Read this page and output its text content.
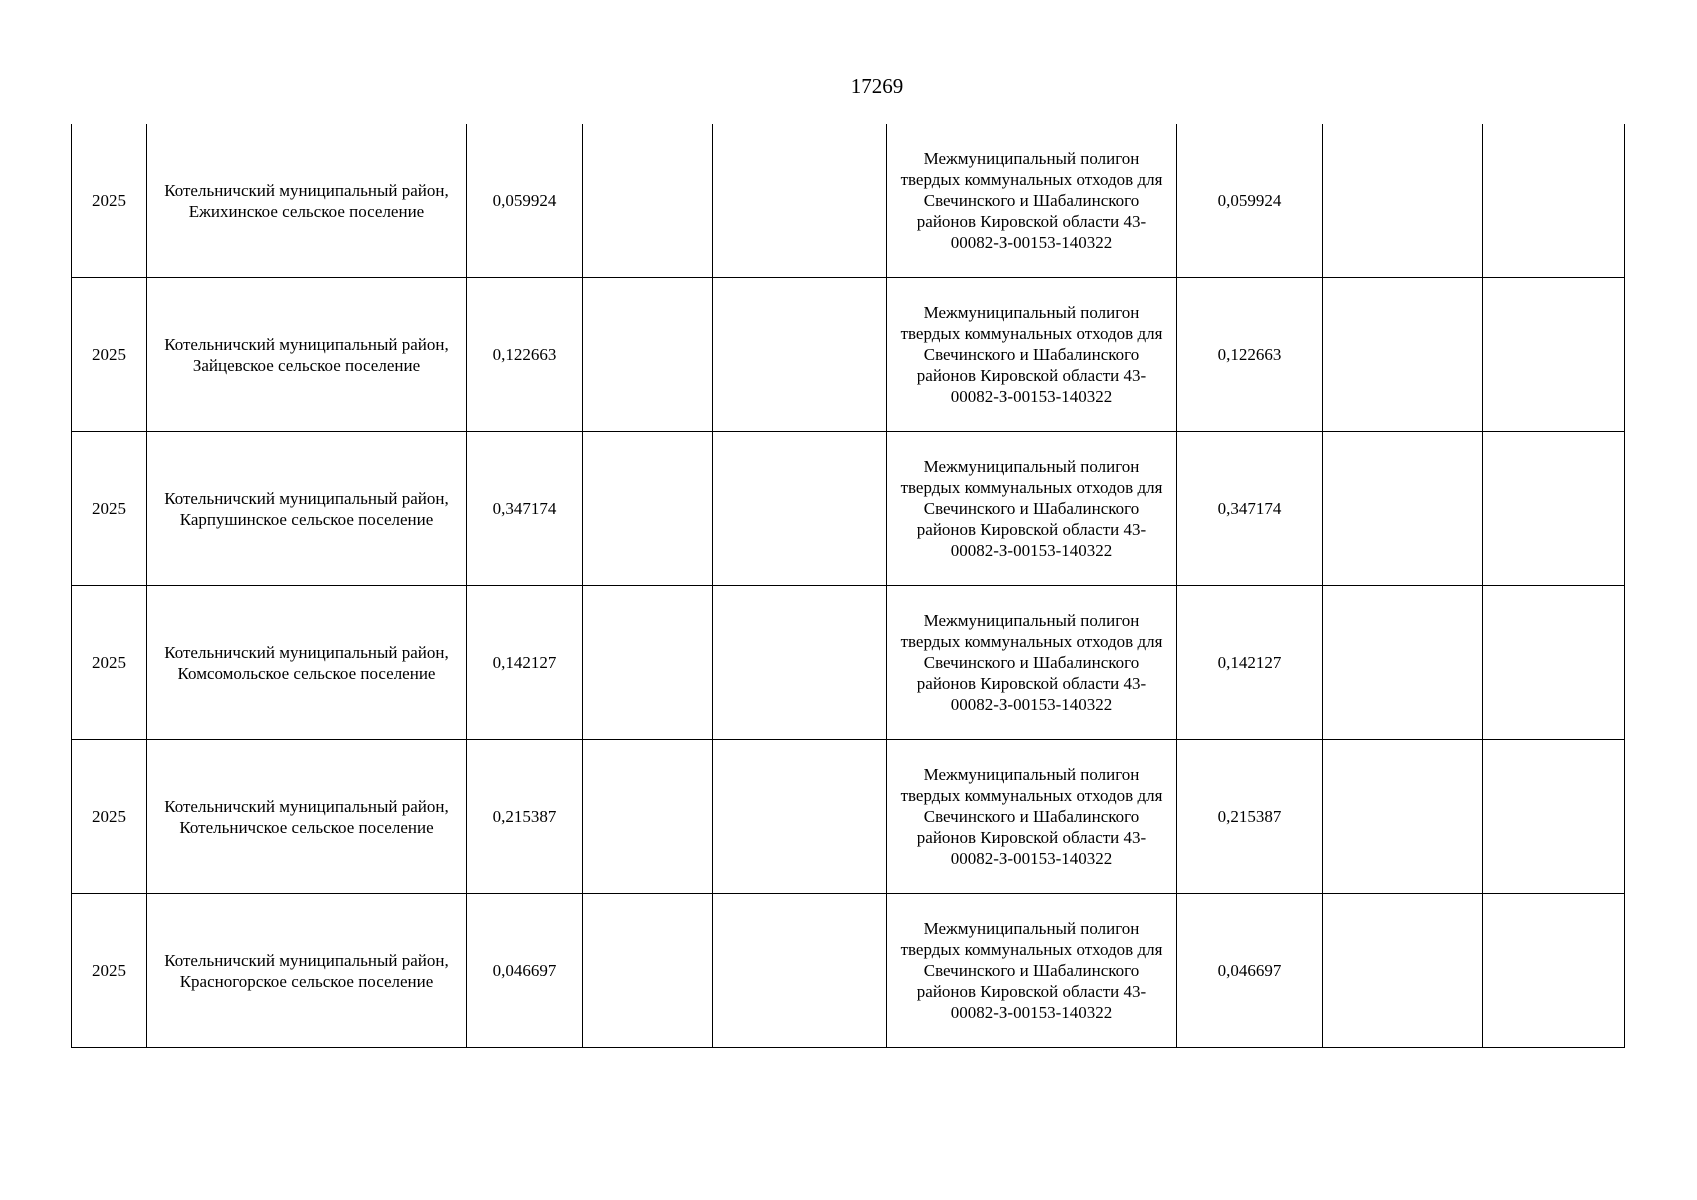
17269
2025	Котельничский муниципальный район, Ежихинское сельское поселение	0,059924			Межмуниципальный полигон твердых коммунальных отходов для Свечинского и Шабалинского районов Кировской области 43-00082-З-00153-140322	0,059924		
2025	Котельничский муниципальный район, Зайцевское сельское поселение	0,122663			Межмуниципальный полигон твердых коммунальных отходов для Свечинского и Шабалинского районов Кировской области 43-00082-З-00153-140322	0,122663		
2025	Котельничский муниципальный район, Карпушинское сельское поселение	0,347174			Межмуниципальный полигон твердых коммунальных отходов для Свечинского и Шабалинского районов Кировской области 43-00082-З-00153-140322	0,347174		
2025	Котельничский муниципальный район, Комсомольское сельское поселение	0,142127			Межмуниципальный полигон твердых коммунальных отходов для Свечинского и Шабалинского районов Кировской области 43-00082-З-00153-140322	0,142127		
2025	Котельничский муниципальный район, Котельничское сельское поселение	0,215387			Межмуниципальный полигон твердых коммунальных отходов для Свечинского и Шабалинского районов Кировской области 43-00082-З-00153-140322	0,215387		
2025	Котельничский муниципальный район, Красногорское сельское поселение	0,046697			Межмуниципальный полигон твердых коммунальных отходов для Свечинского и Шабалинского районов Кировской области 43-00082-З-00153-140322	0,046697		
